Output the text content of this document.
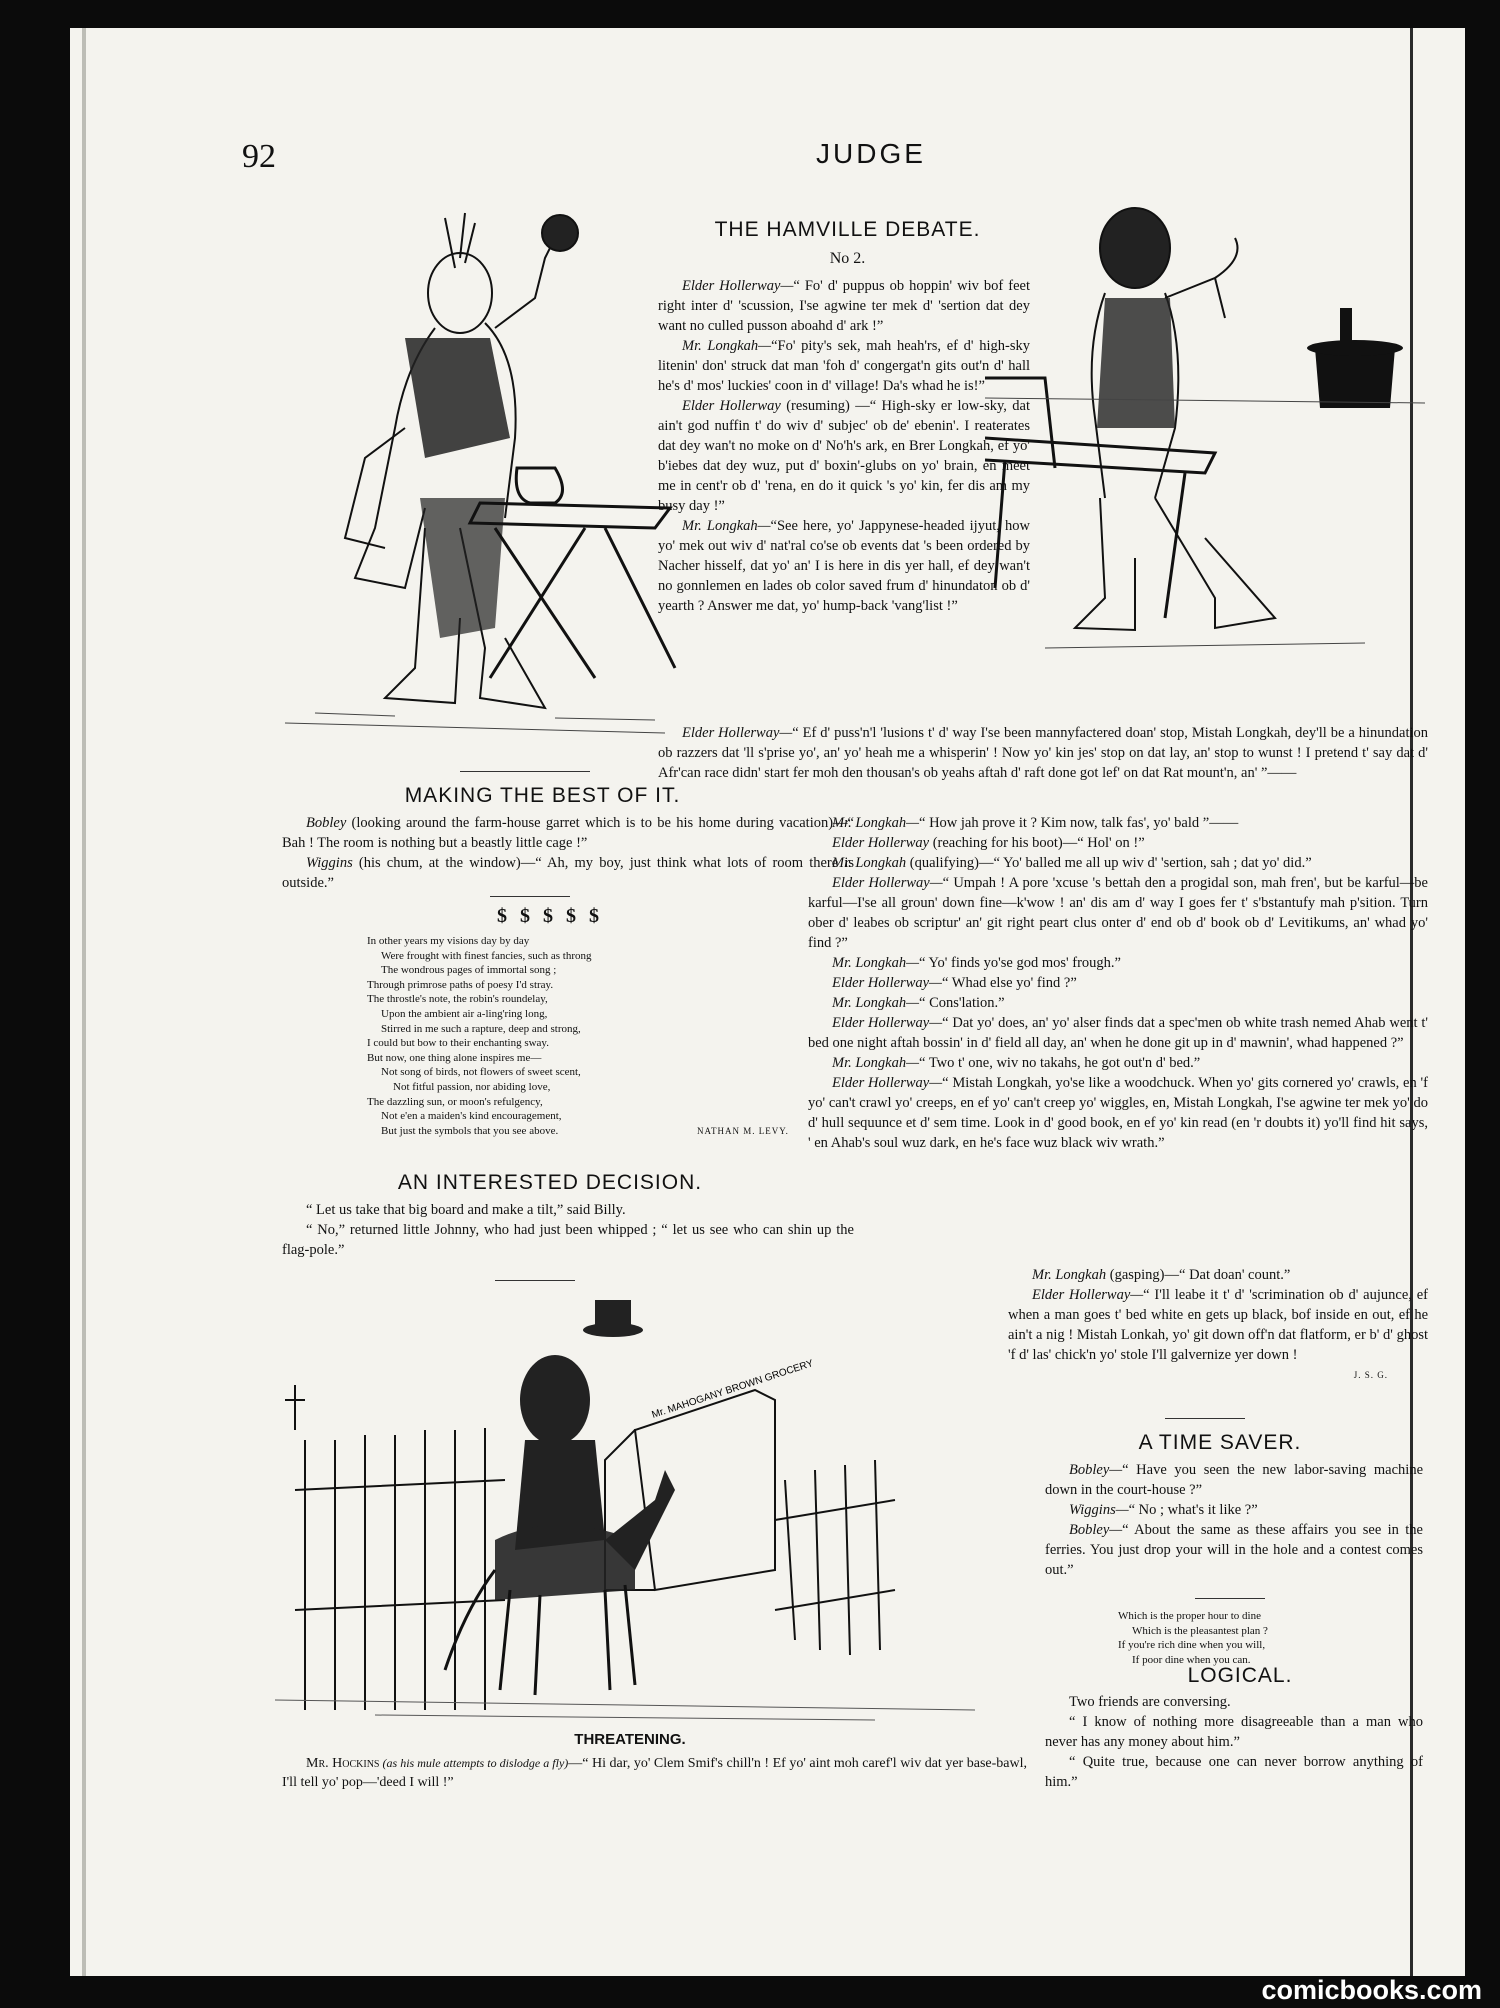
92	JUDGE
THE HAMVILLE DEBATE.
No 2.

Elder Hollerway—“ Fo' d' puppus ob hoppin' wiv bof feet right inter d' 'scussion, I'se agwine ter mek d' 'sertion dat dey want no culled pusson aboahd d' ark !”

Mr. Longkah—“Fo' pity's sek, mah heah'rs, ef d' high-sky litenin' don' struck dat man 'foh d' congergat'n gits out'n d' hall he's d' mos' luckies' coon in d' village! Da's whad he is!”

Elder Hollerway (resuming) —“ High-sky er low-sky, dat ain't god nuffin t' do wiv d' subjec' ob de' ebenin'. I reaterates dat dey wan't no moke on d' No'h's ark, en Brer Longkah, ef yo' b'iebes dat dey wuz, put d' boxin'-glubs on yo' brain, en meet me in cent'r ob d' 'rena, en do it quick 's yo' kin, fer dis am my busy day !”

Mr. Longkah—“See here, yo' Jappynese-headed ijyut, how yo' mek out wiv d' nat'ral co'se ob events dat 's been ordered by Nacher hisself, dat yo' an' I is here in dis yer hall, ef dey wan't no gonnlemen en lades ob color saved frum d' hinundaton ob d' yearth ? Answer me dat, yo' hump-back 'vang'list !”

Elder Hollerway—“ Ef d' puss'n'l 'lusions t' d' way I'se been mannyfactered doan' stop, Mistah Longkah, dey'll be a hinundation ob razzers dat 'll s'prise yo', an' yo' heah me a whisperin' ! Now yo' kin jes' stop on dat lay, an' stop to wunst ! I pretend t' say dat d' Afr'can race didn' start fer moh den thousan's ob yeahs aftah d' raft done got lef' on dat Rat mount'n, an' ”——

Mr. Longkah—“ How jah prove it ? Kim now, talk fas', yo' bald ”——

Elder Hollerway (reaching for his boot)—“ Hol' on !”

Mr. Longkah (qualifying)—“ Yo' balled me all up wiv d' 'sertion, sah ; dat yo' did.”

Elder Hollerway—“ Umpah ! A pore 'xcuse 's bettah den a progidal son, mah fren', but be karful—be karful—I'se all groun' down fine—k'wow ! an' dis am d' way I goes fer t' s'bstantufy mah p'sition. Turn ober d' leabes ob scriptur' an' git right peart clus onter d' end ob d' book ob d' Levitikums, an' whad yo' find ?”

Mr. Longkah—“ Yo' finds yo'se god mos' frough.”

Elder Hollerway—“ Whad else yo' find ?”

Mr. Longkah—“ Cons'lation.”

Elder Hollerway—“ Dat yo' does, an' yo' alser finds dat a spec'men ob white trash nemed Ahab went t' bed one night aftah bossin' in d' field all day, an' when he done git up in d' mawnin', whad happened ?”

Mr. Longkah—“ Two t' one, wiv no takahs, he got out'n d' bed.”

Elder Hollerway—“ Mistah Longkah, yo'se like a woodchuck. When yo' gits cornered yo' crawls, en 'f yo' can't crawl yo' creeps, en ef yo' can't creep yo' wiggles, en, Mistah Longkah, I'se agwine ter mek yo' do d' hull sequunce et d' sem time. Look in d' good book, en ef yo' kin read (en 'r doubts it) yo'll find hit says, ' en Ahab's soul wuz dark, en he's face wuz black wiv wrath.”

Mr. Longkah (gasping)—“ Dat doan' count.”

Elder Hollerway—“ I'll leabe it t' d' 'scrimination ob d' aujunce, ef when a man goes t' bed white en gets up black, bof inside en out, ef he ain't a nig ! Mistah Lonkah, yo' git down off'n dat flatform, er b' d' ghost 'f d' las' chick'n yo' stole I'll galvernize yer down !

J. S. G.
MAKING THE BEST OF IT.

Bobley (looking around the farm-house garret which is to be his home during vacation)—“ Bah ! The room is nothing but a beastly little cage !”

Wiggins (his chum, at the window)—“ Ah, my boy, just think what lots of room there is outside.”

$ $ $ $ $
In other years my visions day by day
Were frought with finest fancies, such as throng
The wondrous pages of immortal song ;
Through primrose paths of poesy I'd stray.
The throstle's note, the robin's roundelay,
Upon the ambient air a-ling'ring long,
Stirred in me such a rapture, deep and strong,
I could but bow to their enchanting sway.
But now, one thing alone inspires me—
Not song of birds, not flowers of sweet scent,
Not fitful passion, nor abiding love,
The dazzling sun, or moon's refulgency,
Not e'en a maiden's kind encouragement,
But just the symbols that you see above.	NATHAN M. LEVY.
AN INTERESTED DECISION.

“ Let us take that big board and make a tilt,” said Billy.

“ No,” returned little Johnny, who had just been whipped ; “ let us see who can shin up the flag-pole.”

Mr. MAHOGANY BROWN GROCERY
THREATENING.

Mr. Hockins (as his mule attempts to dislodge a fly)—“ Hi dar, yo' Clem Smif's chill'n ! Ef yo' aint moh caref'l wiv dat yer base-bawl, I'll tell yo' pop—'deed I will !”

A TIME SAVER.

Bobley—“ Have you seen the new labor-saving machine down in the court-house ?”

Wiggins—“ No ; what's it like ?”

Bobley—“ About the same as these affairs you see in the ferries. You just drop your will in the hole and a contest comes out.”

Which is the proper hour to dine
Which is the pleasantest plan ?
If you're rich dine when you will,
If poor dine when you can.
LOGICAL.

Two friends are conversing.

“ I know of nothing more disagreeable than a man who never has any money about him.”

“ Quite true, because one can never borrow anything of him.”

comicbooks.com
